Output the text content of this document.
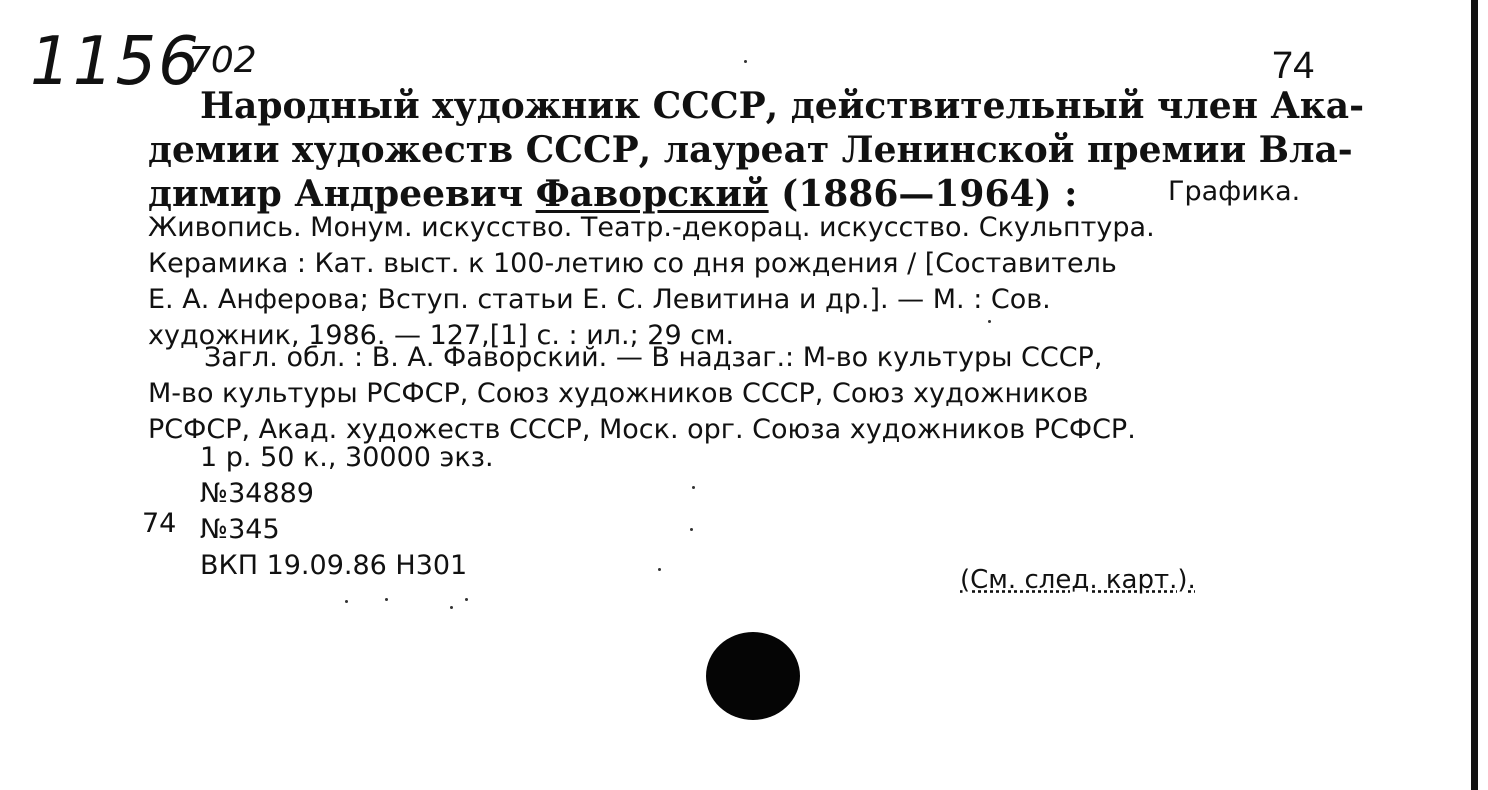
1156
702	74
Народный художник СССР, действительный член Ака-
демии художеств СССР, лауреат Ленинской премии Вла-
димир Андреевич Фаворский (1886—1964) :	Графика.
Живопись. Монум. искусство. Театр.-декорац. искусство. Скульптура.
Керамика : Кат. выст. к 100-летию со дня рождения / [Составитель
Е. А. Анферова; Вступ. статьи Е. С. Левитина и др.]. — М. : Сов.
художник, 1986. — 127,[1] с. : ил.; 29 см.
Загл. обл. : В. А. Фаворский. — В надзаг.: М-во культуры СССР,
М-во культуры РСФСР, Союз художников СССР, Союз художников
РСФСР, Акад. художеств СССР, Моск. орг. Союза художников РСФСР.
1 р. 50 к., 30000 экз.
№34889
№345
ВКП 19.09.86 Н301
74
(См. след. карт.).
